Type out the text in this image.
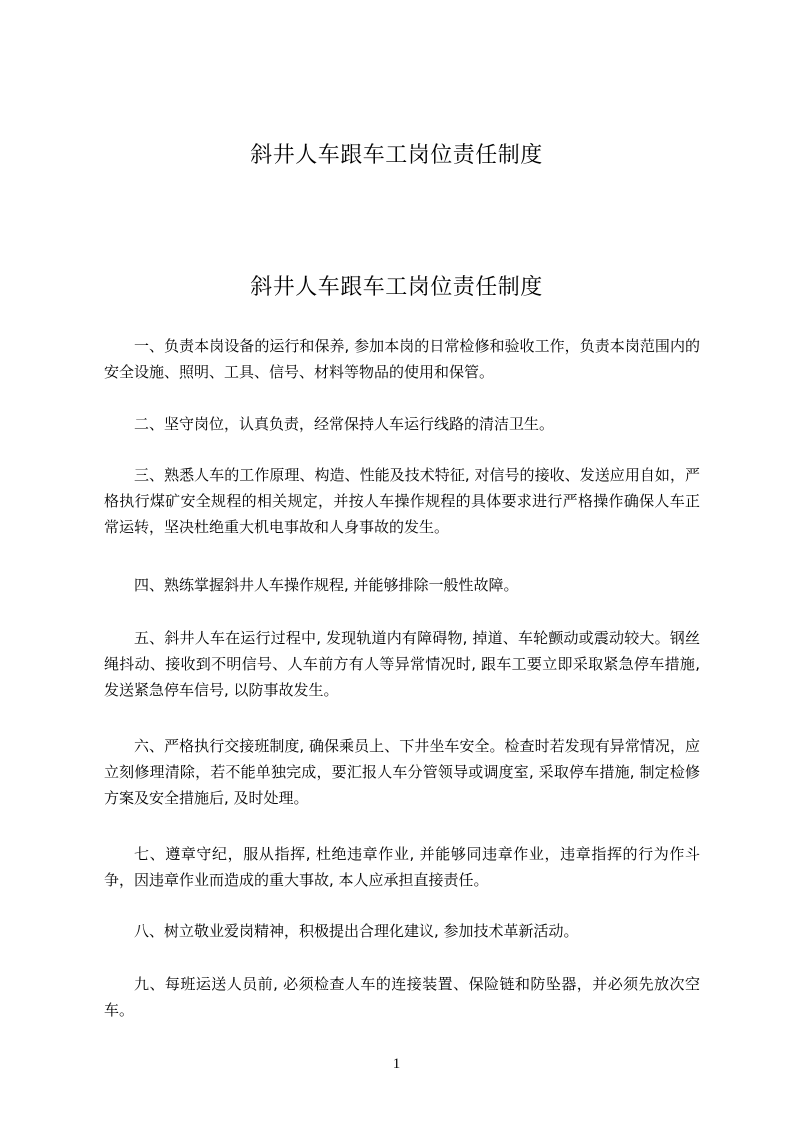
斜井人车跟车工岗位责任制度
斜井人车跟车工岗位责任制度

一、负责本岗设备的运行和保养, 参加本岗的日常检修和验收工作，负责本岗范围内的安全设施、照明、工具、信号、材料等物品的使用和保管。

二、坚守岗位，认真负责，经常保持人车运行线路的清洁卫生。

三、熟悉人车的工作原理、构造、性能及技术特征, 对信号的接收、发送应用自如，严格执行煤矿安全规程的相关规定，并按人车操作规程的具体要求进行严格操作确保人车正常运转，坚决杜绝重大机电事故和人身事故的发生。

四、熟练掌握斜井人车操作规程, 并能够排除一般性故障。

五、斜井人车在运行过程中, 发现轨道内有障碍物, 掉道、车轮颤动或震动较大。钢丝绳抖动、接收到不明信号、人车前方有人等异常情况时, 跟车工要立即采取紧急停车措施, 发送紧急停车信号, 以防事故发生。

六、严格执行交接班制度, 确保乘员上、下井坐车安全。检查时若发现有异常情况，应立刻修理清除，若不能单独完成，要汇报人车分管领导或调度室, 采取停车措施, 制定检修方案及安全措施后, 及时处理。

七、遵章守纪，服从指挥, 杜绝违章作业, 并能够同违章作业，违章指挥的行为作斗争，因违章作业而造成的重大事故, 本人应承担直接责任。

八、树立敬业爱岗精神，积极提出合理化建议, 参加技术革新活动。

九、每班运送人员前, 必须检查人车的连接装置、保险链和防坠器，并必须先放次空车。

1
